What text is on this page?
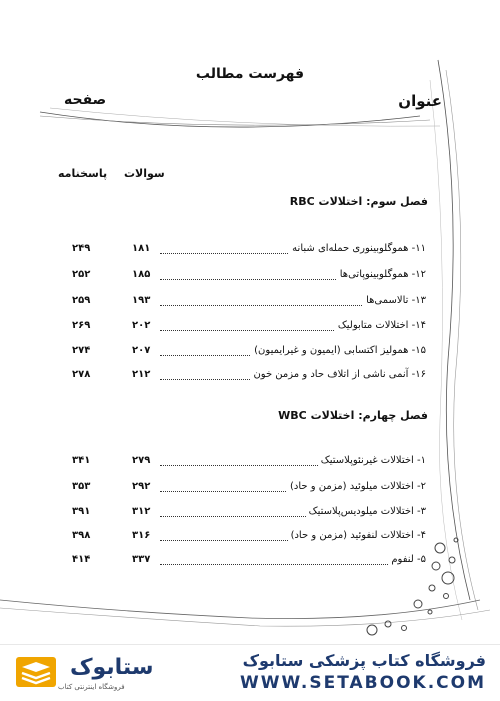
فهرست مطالب
عنوان
صفحه
سوالات
پاسخنامه
فصل سوم: اختلالات RBC
۱۱- هموگلوبینوری حمله‌ای شبانه
۱۸۱
۲۴۹
۱۲- هموگلوبینوپاتی‌ها
۱۸۵
۲۵۲
۱۳- تالاسمی‌ها
۱۹۳
۲۵۹
۱۴- اختلالات متابولیک
۲۰۲
۲۶۹
۱۵- همولیز اکتسابی (ایمیون و غیرایمیون)
۲۰۷
۲۷۴
۱۶- آنمی ناشی از اتلاف حاد و مزمن خون
۲۱۲
۲۷۸
فصل چهارم: اختلالات WBC
۱- اختلالات غیرنئوپلاستیک
۲۷۹
۳۴۱
۲- اختلالات میلوئید (مزمن و حاد)
۲۹۲
۳۵۳
۳- اختلالات میلودیس‌پلاستیک
۳۱۲
۳۹۱
۴- اختلالات لنفوئید (مزمن و حاد)
۳۱۶
۳۹۸
۵- لنفوم
۳۳۷
۴۱۴
ستابوک
فروشگاه اینترنتی کتاب
فروشگاه کتاب پزشکی ستابوک
WWW.SETABOOK.COM
